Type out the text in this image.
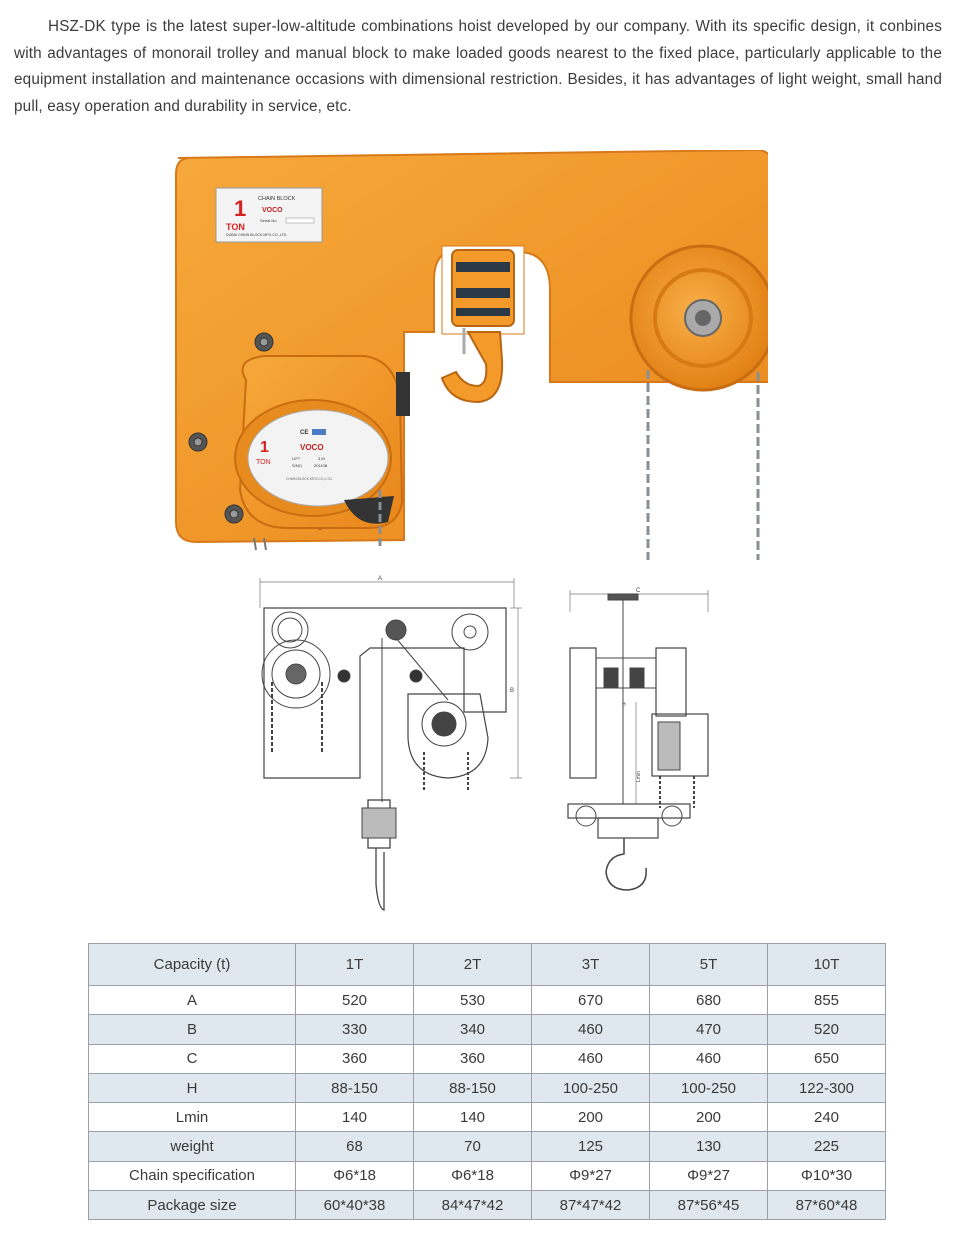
HSZ-DK type is the latest super-low-altitude combinations hoist developed by our company. With its specific design, it conbines with advantages of monorail trolley and manual block to make loaded goods nearest to the fixed place, particularly applicable to the equipment installation and maintenance occasions with dimensional restriction. Besides, it has advantages of light weight, small hand pull, easy operation and durability in service, etc.

1
TON
CHAIN BLOCK
VOCO
Serial No.
DUBAI CHAIN BLOCK MFG.CO.,LTD.
1
TON
CE
VOCO
LIFT	3 M
S/NO	201108
CHAIN BLOCK MFG.CO.,LTD.
A
B
C
H
Lmin
Capacity (t)	1T	2T	3T	5T	10T
A	520	530	670	680	855
B	330	340	460	470	520
C	360	360	460	460	650
H	88-150	88-150	100-250	100-250	122-300
Lmin	140	140	200	200	240
weight	68	70	125	130	225
Chain specification	Φ6*18	Φ6*18	Φ9*27	Φ9*27	Φ10*30
Package size	60*40*38	84*47*42	87*47*42	87*56*45	87*60*48
